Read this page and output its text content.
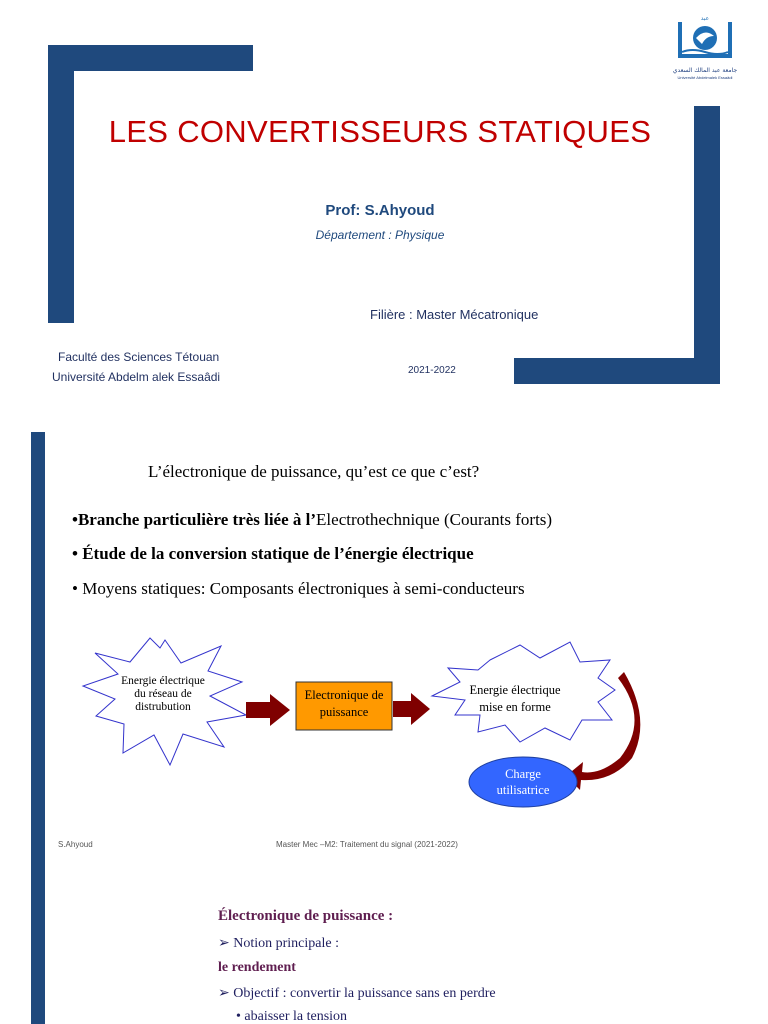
ﻋﺒﺪ
جامعة عبد المالك السعدي
Université Abdelmalek Essaâdi
LES CONVERTISSEURS STATIQUES
Prof: S.Ahyoud
Département : Physique
Filière : Master Mécatronique
Faculté des Sciences Tétouan
Université Abdelm alek Essaâdi	2021-2022
L’électronique de puissance, qu’est ce que c’est?
•Branche particulière très liée à l’Electrothechnique (Courants forts)
• Étude de la conversion statique de l’énergie électrique
• Moyens statiques: Composants électroniques à semi-conducteurs
Energie électrique
du réseau de
distrubution
Electronique de
puissance
Energie électrique
mise en forme
Charge
utilisatrice
S.Ahyoud	Master Mec –M2: Traitement du signal (2021-2022)
Électronique de puissance :
➢ Notion principale :
le rendement
➢ Objectif : convertir la puissance sans en perdre
• abaisser la tension
